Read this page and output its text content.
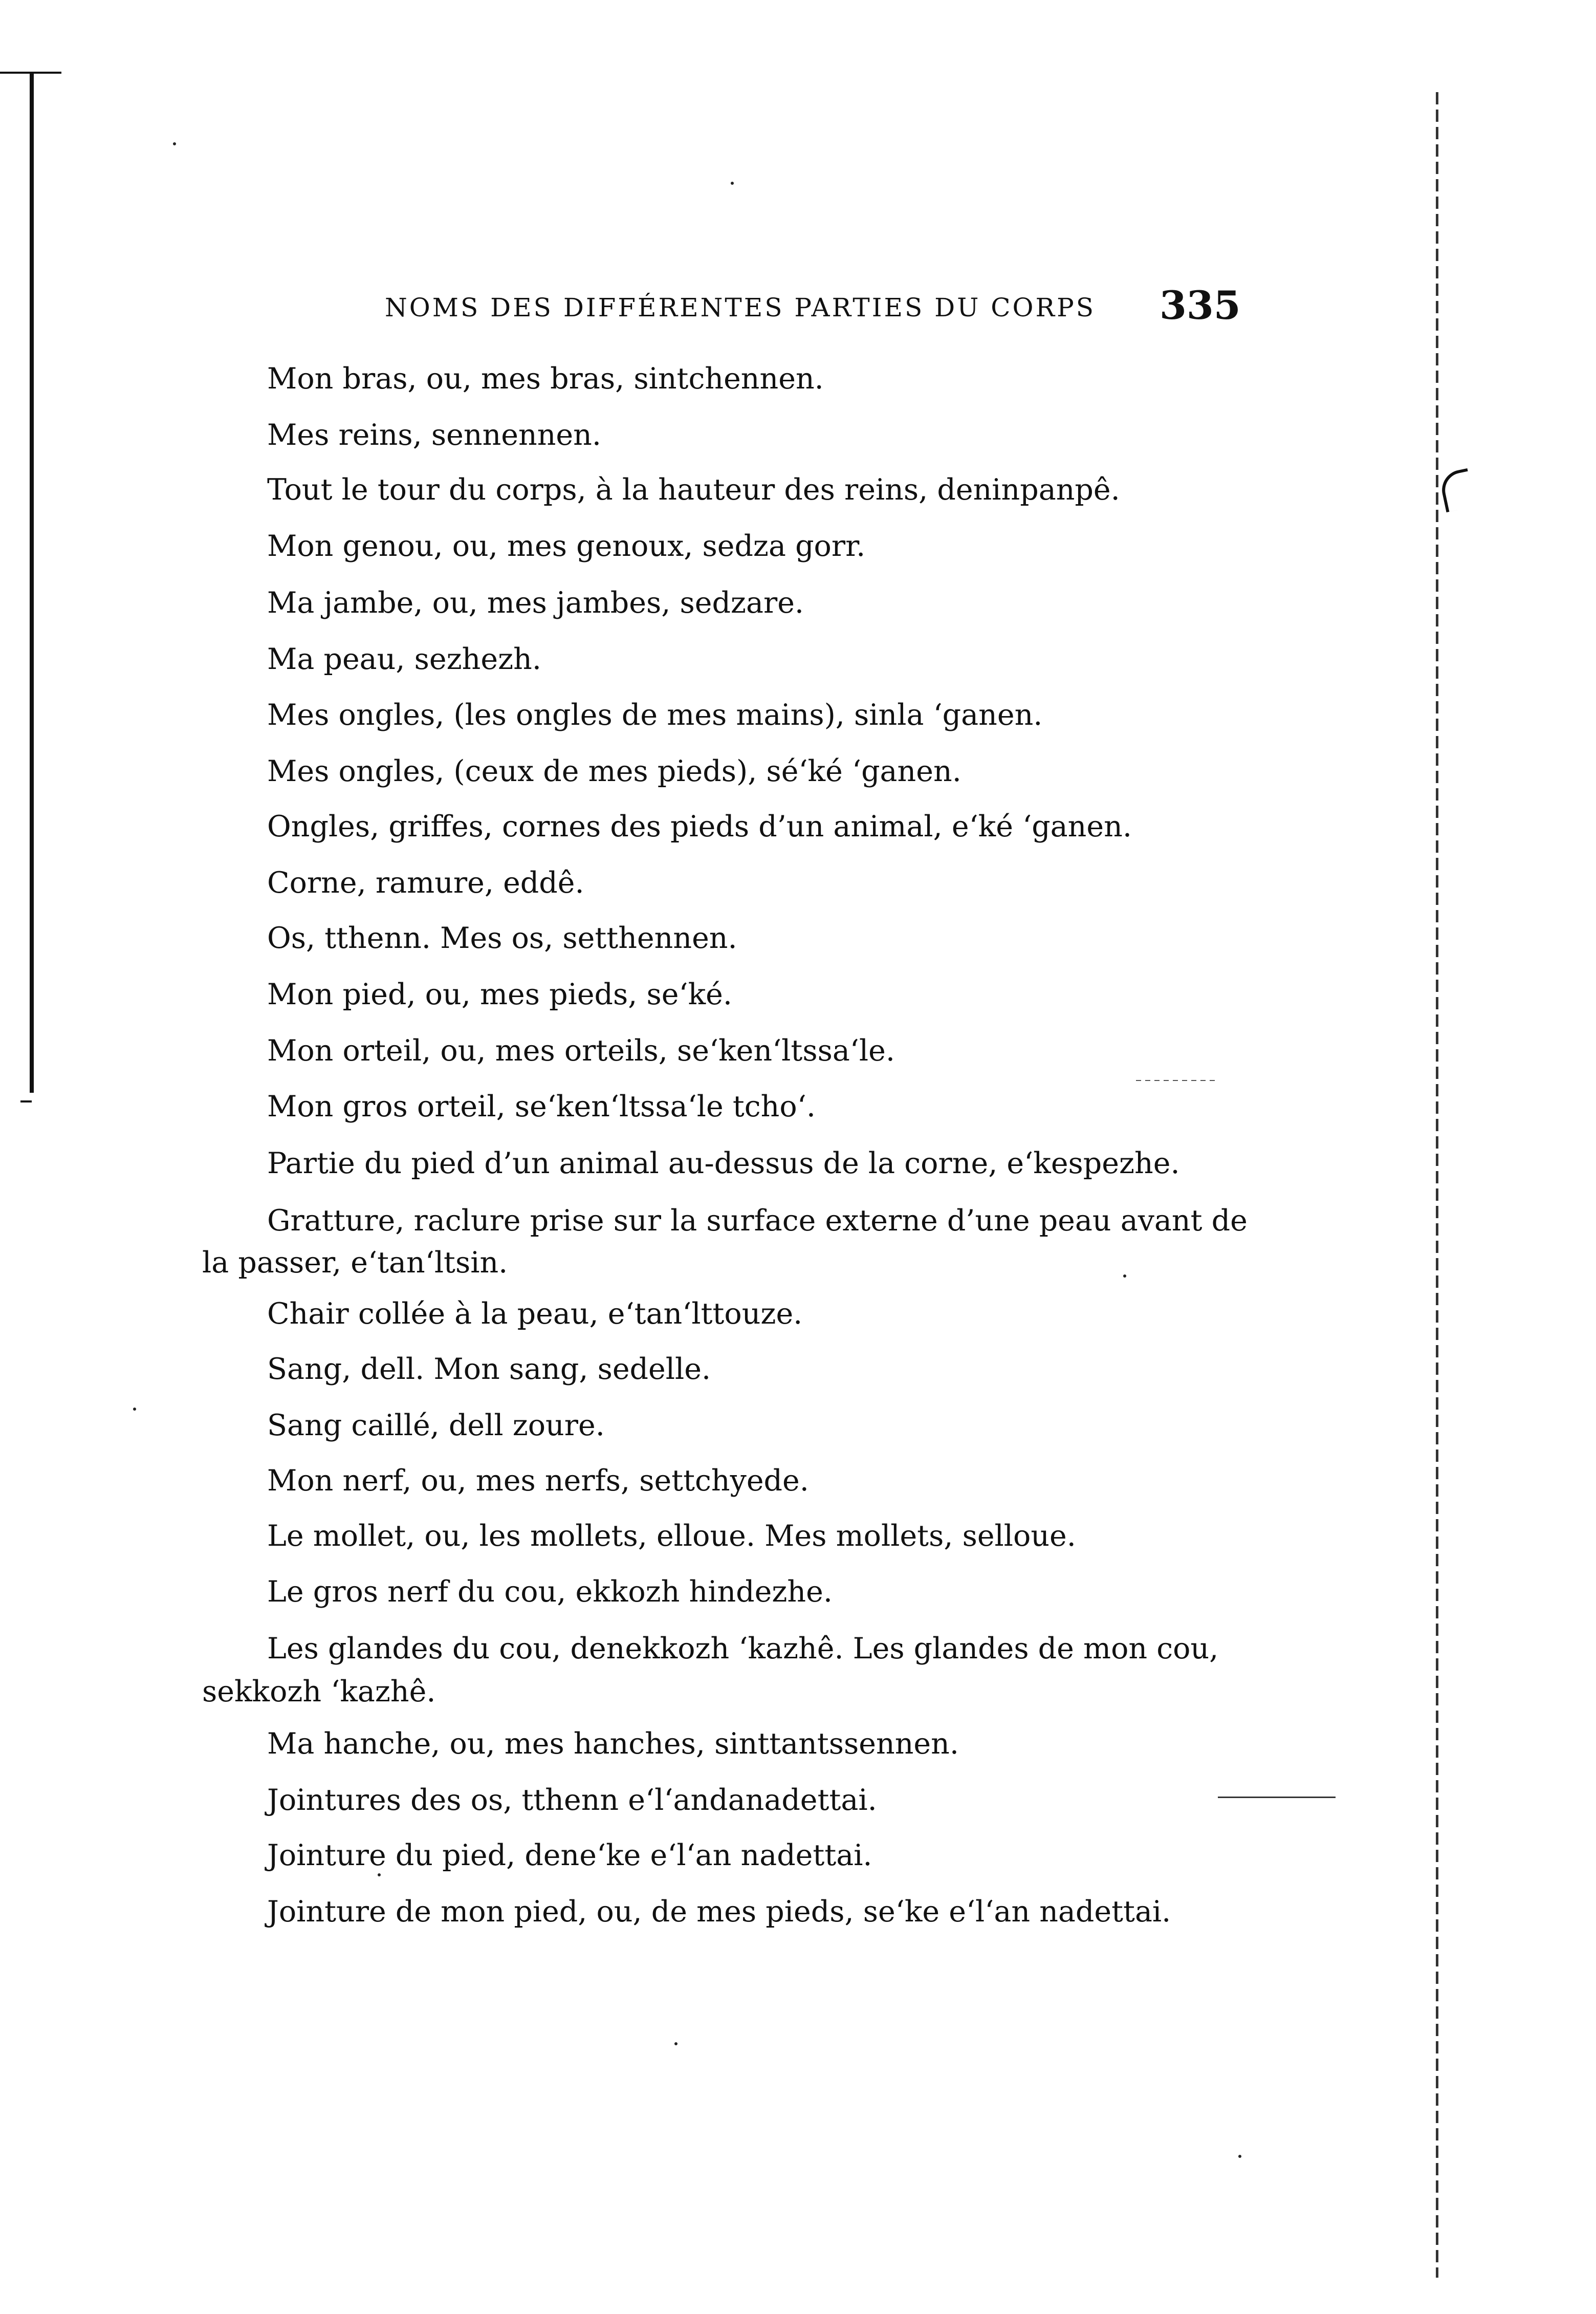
NOMS DES DIFFÉRENTES PARTIES DU CORPS 335
Mon bras, ou, mes bras, sintchennen.
Mes reins, sennennen.
Tout le tour du corps, à la hauteur des reins, deninpanpê.
Mon genou, ou, mes genoux, sedza gorr.
Ma jambe, ou, mes jambes, sedzare.
Ma peau, sezhezh.
Mes ongles, (les ongles de mes mains), sinla ‘ganen.
Mes ongles, (ceux de mes pieds), sé‘ké ‘ganen.
Ongles, griffes, cornes des pieds d’un animal, e‘ké ‘ganen.
Corne, ramure, eddê.
Os, tthenn. Mes os, setthennen.
Mon pied, ou, mes pieds, se‘ké.
Mon orteil, ou, mes orteils, se‘ken‘ltssa‘le.
Mon gros orteil, se‘ken‘ltssa‘le tcho‘.
Partie du pied d’un animal au-dessus de la corne, e‘kespezhe.
Gratture, raclure prise sur la surface externe d’une peau avant de
la passer, e‘tan‘ltsin.
Chair collée à la peau, e‘tan‘lttouze.
Sang, dell. Mon sang, sedelle.
Sang caillé, dell zoure.
Mon nerf, ou, mes nerfs, settchyede.
Le mollet, ou, les mollets, elloue. Mes mollets, selloue.
Le gros nerf du cou, ekkozh hindezhe.
Les glandes du cou, denekkozh ‘kazhê. Les glandes de mon cou,
sekkozh ‘kazhê.
Ma hanche, ou, mes hanches, sinttantssennen.
Jointures des os, tthenn e‘l‘andanadettai.
Jointure du pied, dene‘ke e‘l‘an nadettai.
Jointure de mon pied, ou, de mes pieds, se‘ke e‘l‘an nadettai.
